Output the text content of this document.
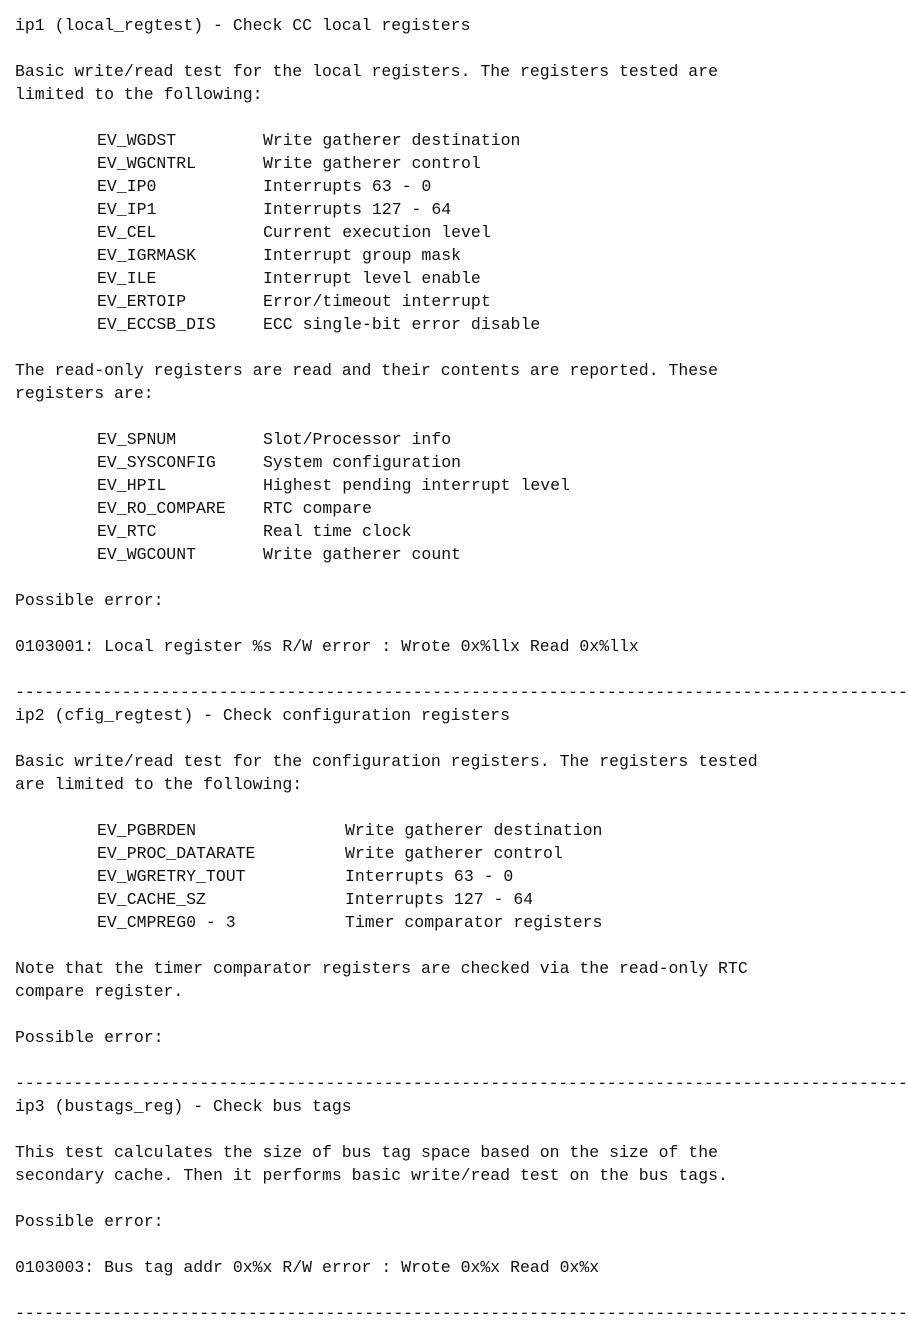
ip1 (local_regtest) - Check CC local registers
Basic write/read test for the local registers. The registers tested are
limited to the following:
EV_WGDST	Write gatherer destination
EV_WGCNTRL	Write gatherer control
EV_IP0	Interrupts 63 - 0
EV_IP1	Interrupts 127 - 64
EV_CEL	Current execution level
EV_IGRMASK	Interrupt group mask
EV_ILE	Interrupt level enable
EV_ERTOIP	Error/timeout interrupt
EV_ECCSB_DIS	ECC single-bit error disable
The read-only registers are read and their contents are reported. These
registers are:
EV_SPNUM	Slot/Processor info
EV_SYSCONFIG	System configuration
EV_HPIL	Highest pending interrupt level
EV_RO_COMPARE	RTC compare
EV_RTC	Real time clock
EV_WGCOUNT	Write gatherer count
Possible error:
0103001: Local register %s R/W error : Wrote 0x%llx Read 0x%llx
--------------------------------------------------------------------------------------------
ip2 (cfig_regtest) - Check configuration registers
Basic write/read test for the configuration registers. The registers tested
are limited to the following:
EV_PGBRDEN	Write gatherer destination
EV_PROC_DATARATE	Write gatherer control
EV_WGRETRY_TOUT	Interrupts 63 - 0
EV_CACHE_SZ	Interrupts 127 - 64
EV_CMPREG0 - 3	Timer comparator registers
Note that the timer comparator registers are checked via the read-only RTC
compare register.
Possible error:
--------------------------------------------------------------------------------------------
ip3 (bustags_reg) - Check bus tags
This test calculates the size of bus tag space based on the size of the
secondary cache. Then it performs basic write/read test on the bus tags.
Possible error:
0103003: Bus tag addr 0x%x R/W error : Wrote 0x%x Read 0x%x
--------------------------------------------------------------------------------------------
